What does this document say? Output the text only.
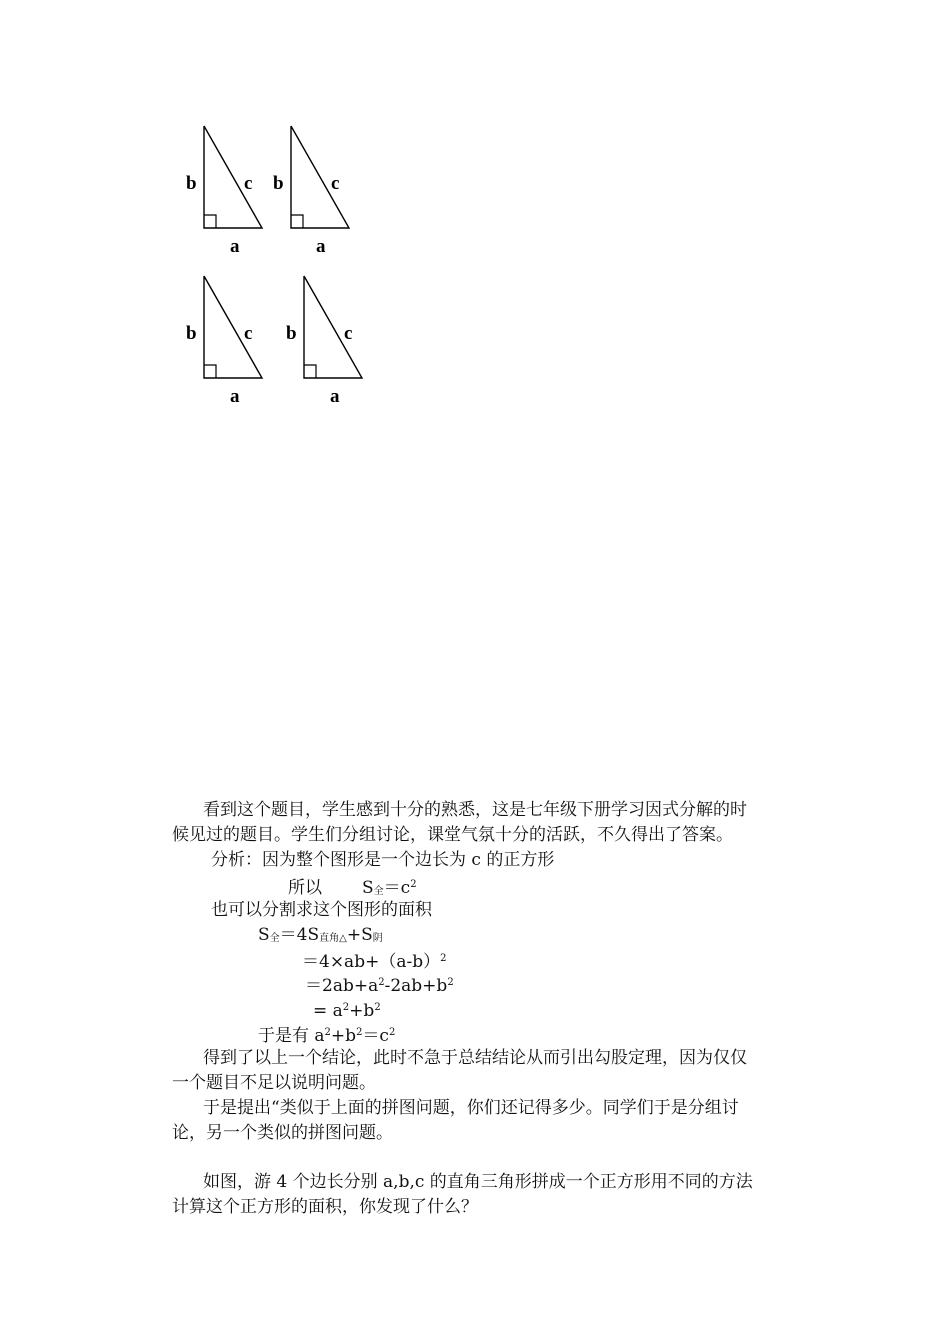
b c
a
b c
a
b c
a
b c
a
看到这个题目，学生感到十分的熟悉，这是七年级下册学习因式分解的时
候见过的题目。学生们分组讨论，课堂气氛十分的活跃，不久得出了答案。
分析：因为整个图形是一个边长为 c 的正方形
所以 $S_全=c^2$
也可以分割求这个图形的面积
$S_全=4S_{直角\triangle}+S_阴$
$=4\times ab+(a-b)^2$
$=2ab+a^2-2ab+b^2$
= $a^2+b^2$
于是有 $a^2+b^2=c^2$
得到了以上一个结论，此时不急于总结结论从而引出勾股定理，因为仅仅
一个题目不足以说明问题。
于是提出“类似于上面的拼图问题，你们还记得多少。同学们于是分组讨
论，另一个类似的拼图问题。
如图，游 4 个边长分别 a,b,c 的直角三角形拼成一个正方形用不同的方法
计算这个正方形的面积，你发现了什么？
